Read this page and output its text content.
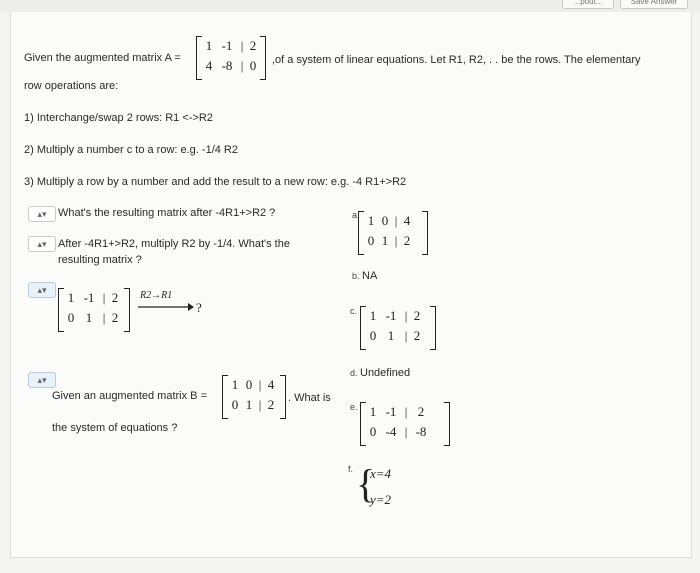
...pout...	Save Answer
Given the augmented matrix A =
1 -1 | 2
4 -8 | 0	,of a system of linear equations. Let R1, R2, . . be the rows. The elementary
row operations are:
1) Interchange/swap 2 rows: R1 <->R2
2) Multiply a number c to a row: e.g. -1/4 R2
3) Multiply a row by a number and add the result to a new row: e.g. -4 R1+>R2
▴▾ What's the resulting matrix after -4R1+>R2 ?
▴▾ After -4R1+>R2, multiply R2 by -1/4. What's the
resulting matrix ?
▴▾
1 -1 | 2
0 1 | 2
R2→R1
?
▴▾
Given an augmented matrix B =
1 0 | 4
0 1 | 2	. What is
the system of equations ?
a. 1 0 | 4
0 1 | 2
b. NA
c. 1 -1 | 2
0 1 | 2
d. Undefined
e. 1 -1 | 2
0 -4 | -8
f. {
x=4
y=2
